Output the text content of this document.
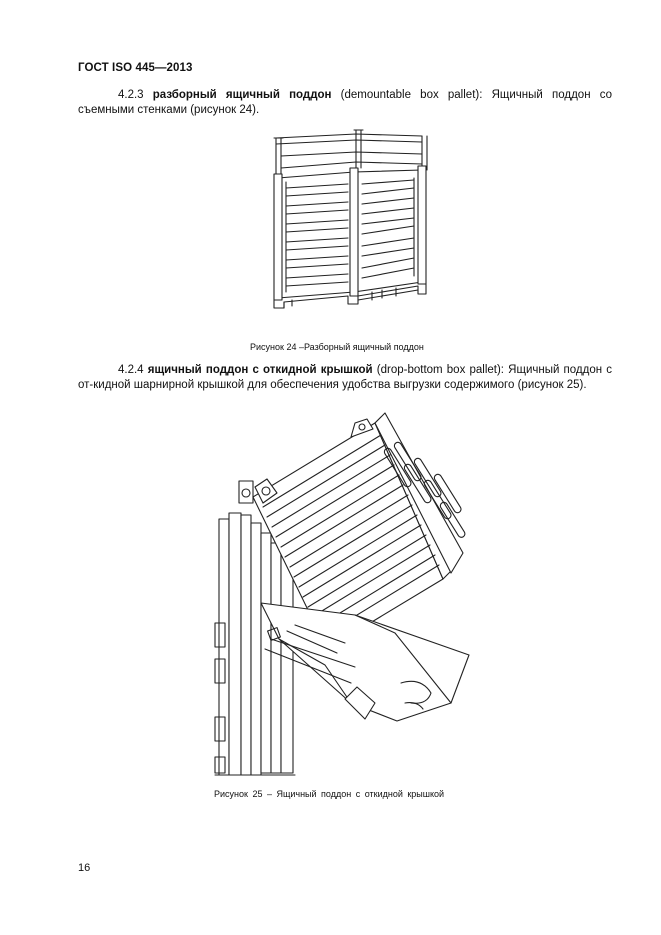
ГОСТ ISO 445—2013
4.2.3 разборный ящичный поддон (demountable box pallet): Ящичный поддон со съемными стенками (рисунок 24).
Рисунок 24 –Разборный ящичный поддон
4.2.4 ящичный поддон с откидной крышкой (drop-bottom box pallet): Ящичный поддон с от-кидной шарнирной крышкой для обеспечения удобства выгрузки содержимого (рисунок 25).
Рисунок 25 – Ящичный поддон с откидной крышкой
16
